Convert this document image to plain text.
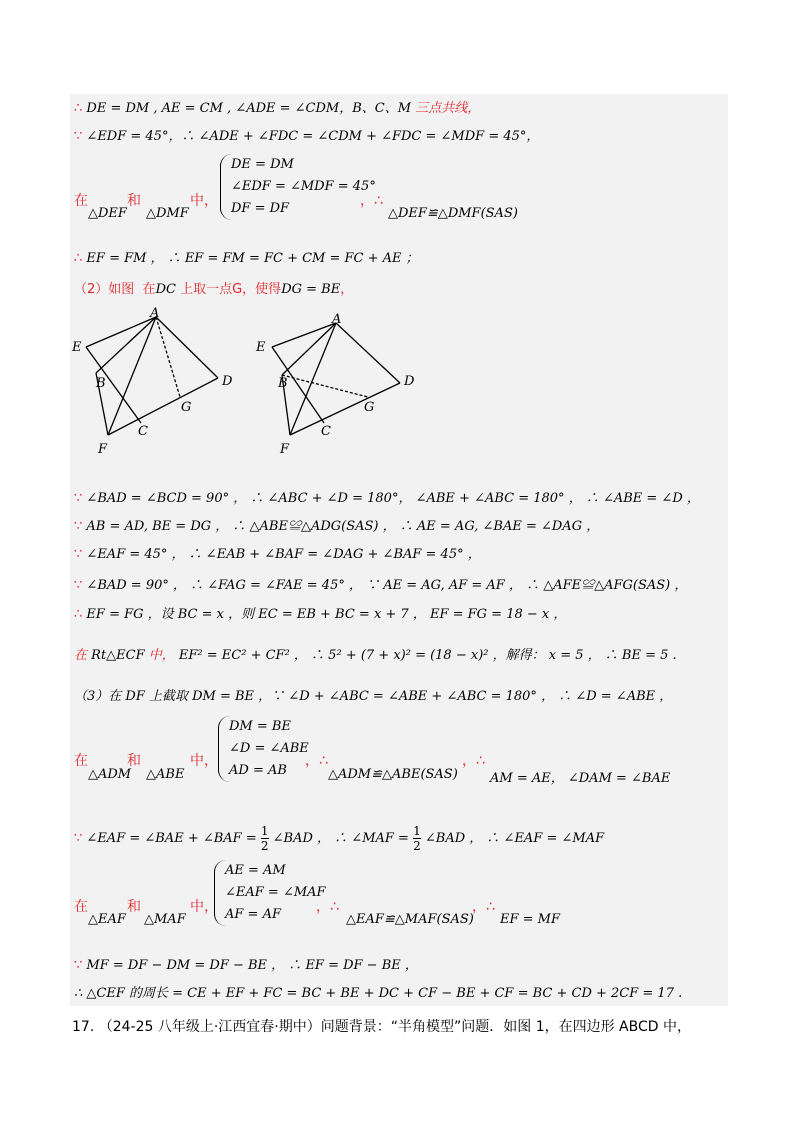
∴ DE = DM , AE = CM , ∠ADE = ∠CDM，B、C、M 三点共线，
∵ ∠EDF = 45°，∴ ∠ADE + ∠FDC = ∠CDM + ∠FDC = ∠MDF = 45°，
在	和	中，
△DEF △DMF
DE = DM
∠EDF = ∠MDF = 45°
DF = DF	，∴
△DEF≌△DMF(SAS)
∴ EF = FM ， ∴ EF = FM = FC + CM = FC + AE ；
（2）如图 在DC 上取一点G，使得DG = BE，
A
E
B	D
G
C
F
A
E
B	D
G
C
F
∵ ∠BAD = ∠BCD = 90° ， ∴ ∠ABC + ∠D = 180°， ∠ABE + ∠ABC = 180° ， ∴ ∠ABE = ∠D ，
∵ AB = AD, BE = DG ， ∴ △ABE≌△ADG(SAS) ， ∴ AE = AG, ∠BAE = ∠DAG ，
∵ ∠EAF = 45° ， ∴ ∠EAB + ∠BAF = ∠DAG + ∠BAF = 45° ，
∵ ∠BAD = 90° ， ∴ ∠FAG = ∠FAE = 45° ， ∵ AE = AG, AF = AF ， ∴ △AFE≌△AFG(SAS) ，
∴ EF = FG ，设 BC = x ，则 EC = EB + BC = x + 7 ， EF = FG = 18 − x ，
在 Rt△ECF 中， EF² = EC² + CF² ， ∴ 5² + (7 + x)² = (18 − x)² ，解得： x = 5 ， ∴ BE = 5 .
（3）在 DF 上截取 DM = BE ，∵ ∠D + ∠ABC = ∠ABE + ∠ABC = 180° ， ∴ ∠D = ∠ABE ，
在	和	中，
△ADM △ABE
DM = BE
∠D = ∠ABE
AD = AB
，∴
△ADM≌△ABE(SAS)
，∴
AM = AE， ∠DAM = ∠BAE
∵ ∠EAF = ∠BAE + ∠BAF = $\frac{1}{2}$ ∠BAD ， ∴ ∠MAF = $\frac{1}{2}$ ∠BAD ， ∴ ∠EAF = ∠MAF
在	和	中，
△EAF △MAF
AE = AM
∠EAF = ∠MAF
AF = AF	，∴
△EAF≌△MAF(SAS)
，∴
EF = MF
∵ MF = DF − DM = DF − BE ， ∴ EF = DF − BE ，
∴ △CEF 的周长 = CE + EF + FC = BC + BE + DC + CF − BE + CF = BC + CD + 2CF = 17 .
17. （24-25 八年级上·江西宜春·期中）问题背景：“半角模型”问题．如图 1，在四边形 ABCD 中，
